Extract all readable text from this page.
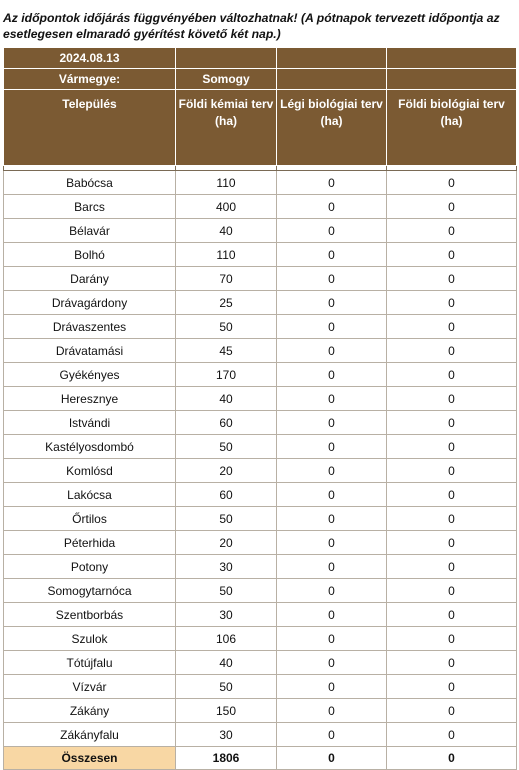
Az időpontok időjárás függvényében változhatnak! (A pótnapok tervezett időpontja az esetlegesen elmaradó gyérítést követő két nap.)
2024.08.13			
Vármegye:	Somogy		
Település	Földi kémiai terv (ha)	Légi biológiai terv (ha)	Földi biológiai terv (ha)

Babócsa	110	0	0
Barcs	400	0	0
Bélavár	40	0	0
Bolhó	110	0	0
Darány	70	0	0
Drávagárdony	25	0	0
Drávaszentes	50	0	0
Drávatamási	45	0	0
Gyékényes	170	0	0
Heresznye	40	0	0
Istvándi	60	0	0
Kastélyosdombó	50	0	0
Komlósd	20	0	0
Lakócsa	60	0	0
Őrtilos	50	0	0
Péterhida	20	0	0
Potony	30	0	0
Somogytarnóca	50	0	0
Szentborbás	30	0	0
Szulok	106	0	0
Tótújfalu	40	0	0
Vízvár	50	0	0
Zákány	150	0	0
Zákányfalu	30	0	0
Összesen	1806	0	0
